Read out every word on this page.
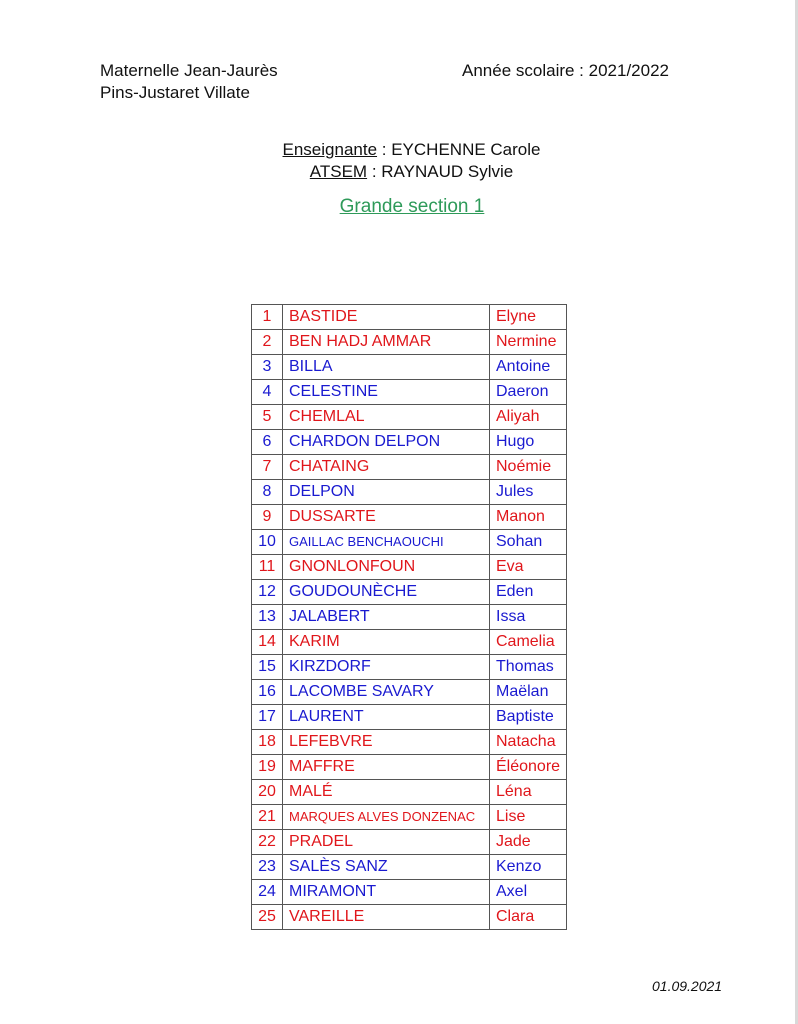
Maternelle Jean-Jaurès
Pins-Justaret Villate
Année scolaire : 2021/2022
Enseignante : EYCHENNE Carole
ATSEM : RAYNAUD Sylvie
Grande section 1
1	BASTIDE	Elyne
2	BEN HADJ AMMAR	Nermine
3	BILLA	Antoine
4	CELESTINE	Daeron
5	CHEMLAL	Aliyah
6	CHARDON DELPON	Hugo
7	CHATAING	Noémie
8	DELPON	Jules
9	DUSSARTE	Manon
10	GAILLAC BENCHAOUCHI	Sohan
11	GNONLONFOUN	Eva
12	GOUDOUNÈCHE	Eden
13	JALABERT	Issa
14	KARIM	Camelia
15	KIRZDORF	Thomas
16	LACOMBE SAVARY	Maëlan
17	LAURENT	Baptiste
18	LEFEBVRE	Natacha
19	MAFFRE	Éléonore
20	MALÉ	Léna
21	MARQUES ALVES DONZENAC	Lise
22	PRADEL	Jade
23	SALÈS SANZ	Kenzo
24	MIRAMONT	Axel
25	VAREILLE	Clara
01.09.2021
